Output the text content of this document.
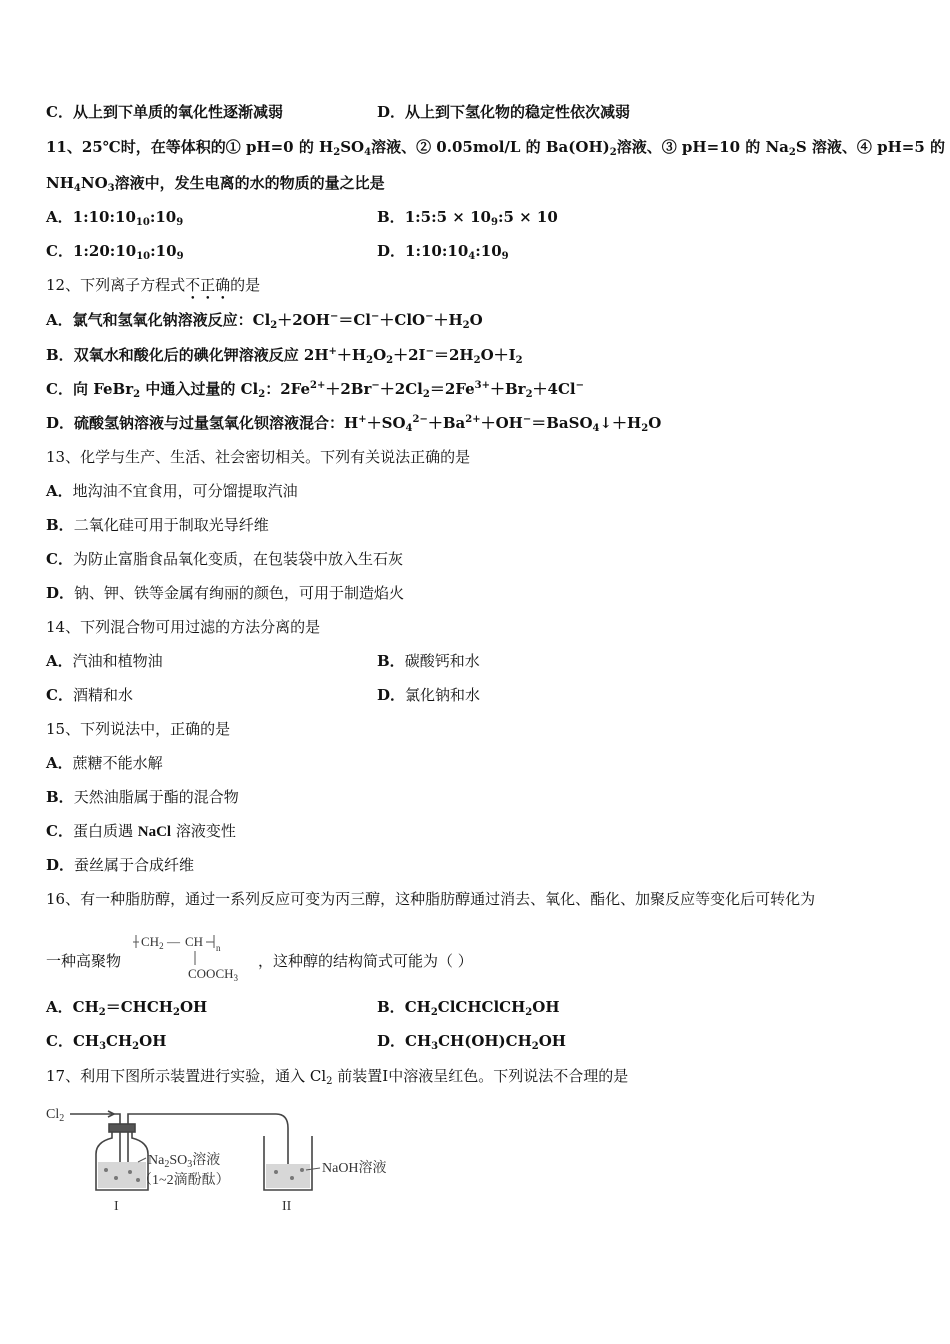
C．从上到下单质的氧化性逐渐减弱	D．从上到下氢化物的稳定性依次减弱
11、25℃时，在等体积的① pH=0 的 $H_2SO_4$溶液、② 0.05mol/L 的 $Ba(OH)_2$溶液、③ pH=10 的 $Na_2S$ 溶液、④ pH=5 的
$NH_4NO_3$溶液中，发生电离的水的物质的量之比是
A．$1:10:10_{10}:10_9$	B．1:5:5 × $10_9:5 \times 10$
C．$1:20:10_{10}:10_9$	D．$1:10:10_4:10_9$
12、下列离子方程式不正确的是
A．氯气和氢氧化钠溶液反应：$Cl_2+2OH^-=Cl^-+ClO^-+H_2O$
B．双氧水和酸化后的碘化钾溶液反应 $2H^++H_2O_2+2I^-=2H_2O+I_2$
C．向 FeBr$_2$ 中通入过量的 $Cl_2$：$2Fe^{2+}+2Br^-+2Cl_2=2Fe^{3+}+Br_2+4Cl^-$
D．硫酸氢钠溶液与过量氢氧化钡溶液混合：$H^++SO_4^{2-}+Ba^{2+}+OH^-=BaSO_4↓+H_2O$
13、化学与生产、生活、社会密切相关。下列有关说法正确的是
A．地沟油不宜食用，可分馏提取汽油
B．二氧化硅可用于制取光导纤维
C．为防止富脂食品氧化变质，在包装袋中放入生石灰
D．钠、钾、铁等金属有绚丽的颜色，可用于制造焰火
14、下列混合物可用过滤的方法分离的是
A．汽油和植物油	B．碳酸钙和水
C．酒精和水	D．氯化钠和水
15、下列说法中，正确的是
A．蔗糖不能水解
B．天然油脂属于酯的混合物
C．蛋白质遇 NaCl 溶液变性
D．蚕丝属于合成纤维
16、有一种脂肪醇，通过一系列反应可变为丙三醇，这种脂肪醇通过消去、氧化、酯化、加聚反应等变化后可转化为
一种高聚物
$CH_2$ — CH n
$COOCH_3$
，这种醇的结构简式可能为（ ）
A．$CH_2=CHCH_2OH$	B．$CH_2ClCHClCH_2OH$
C．$CH_3CH_2OH$	D．$CH_3CH(OH)CH_2OH$
17、利用下图所示装置进行实验，通入 $Cl_2$ 前装置Ⅰ中溶液呈红色。下列说法不合理的是
$Cl_2$
$Na_2SO_3$溶液
（1~2滴酚酞）
NaOH溶液
I	II
